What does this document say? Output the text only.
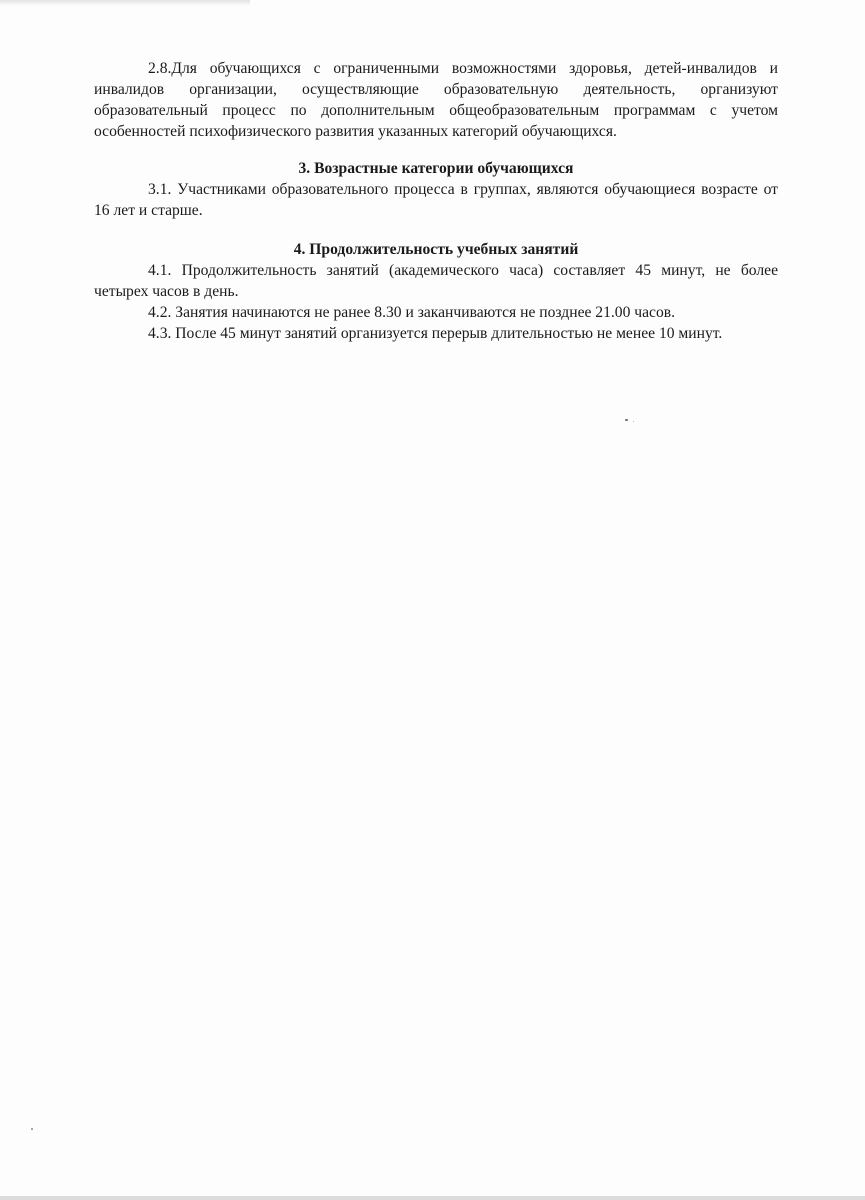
2.8.Для обучающихся с ограниченными возможностями здоровья, детей-инвалидов и инвалидов организации, осуществляющие образовательную деятельность, организуют образовательный процесс по дополнительным общеобразовательным программам с учетом особенностей психофизического развития указанных категорий обучающихся.

3. Возрастные категории обучающихся

3.1. Участниками образовательного процесса в группах, являются обучающиеся возрасте от 16 лет и старше.

4. Продолжительность учебных занятий

4.1. Продолжительность занятий (академического часа) составляет 45 минут, не более четырех часов в день.

4.2. Занятия начинаются не ранее 8.30 и заканчиваются не позднее 21.00 часов.

4.3. После 45 минут занятий организуется перерыв длительностью не менее 10 минут.
